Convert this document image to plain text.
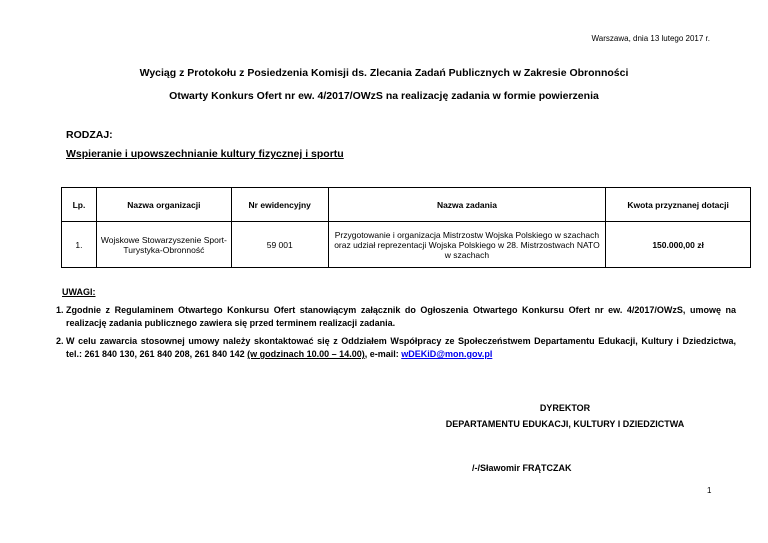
Warszawa, dnia 13 lutego 2017 r.
Wyciąg z Protokołu z Posiedzenia Komisji ds. Zlecania Zadań Publicznych w Zakresie Obronności
Otwarty Konkurs Ofert nr ew. 4/2017/OWzS na realizację zadania w formie powierzenia
RODZAJ:
Wspieranie i upowszechnianie kultury fizycznej i sportu
Lp.	Nazwa organizacji	Nr ewidencyjny	Nazwa zadania	Kwota przyznanej dotacji
1.	Wojskowe Stowarzyszenie Sport-Turystyka-Obronność	59 001	Przygotowanie i organizacja Mistrzostw Wojska Polskiego w szachach oraz udział reprezentacji Wojska Polskiego w 28. Mistrzostwach NATO w szachach	150.000,00 zł
UWAGI:
1. Zgodnie z Regulaminem Otwartego Konkursu Ofert stanowiącym załącznik do Ogłoszenia Otwartego Konkursu Ofert nr ew. 4/2017/OWzS, umowę na realizację zadania publicznego zawiera się przed terminem realizacji zadania.
2. W celu zawarcia stosownej umowy należy skontaktować się z Oddziałem Współpracy ze Społeczeństwem Departamentu Edukacji, Kultury i Dziedzictwa, tel.: 261 840 130, 261 840 208, 261 840 142 (w godzinach 10.00 – 14.00), e-mail: wDEKiD@mon.gov.pl
DYREKTOR
DEPARTAMENTU EDUKACJI, KULTURY I DZIEDZICTWA
/-/Sławomir FRĄTCZAK
1
